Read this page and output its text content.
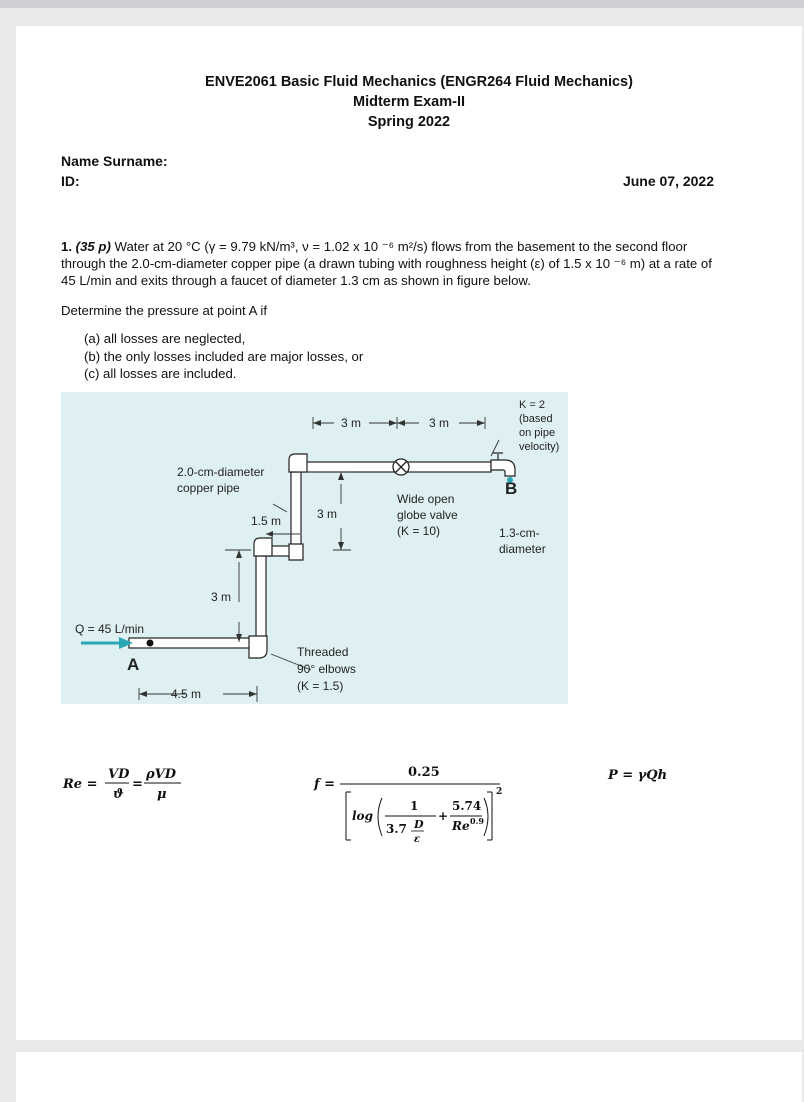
ENVE2061 Basic Fluid Mechanics (ENGR264 Fluid Mechanics)
Midterm Exam-II
Spring 2022
Name Surname:
ID:	June 07, 2022
1. (35 p) Water at 20 °C (γ = 9.79 kN/m³, ν = 1.02 x 10 ⁻⁶ m²/s) flows from the basement to the second floor
through the 2.0-cm-diameter copper pipe (a drawn tubing with roughness height (ε) of 1.5 x 10 ⁻⁶ m) at a rate of
45 L/min and exits through a faucet of diameter 1.3 cm as shown in figure below.
Determine the pressure at point A if
(a) all losses are neglected,
(b) the only losses included are major losses, or
(c) all losses are included.
3 m	3 m
K = 2
(based
on pipe
velocity)
2.0-cm-diameter
copper pipe	B
1.5 m	3 m
Wide open
globe valve
(K = 10)	1.3-cm-
diameter
3 m
Q = 45 L/min
A
Threaded
90° elbows
(K = 1.5)
4.5 m
Re =
VD
ϑ
=
ρVD
μ
f =
0.25
log
1
3.7 D
ε
+
5.74
Re 0.9
2
P = γQh
